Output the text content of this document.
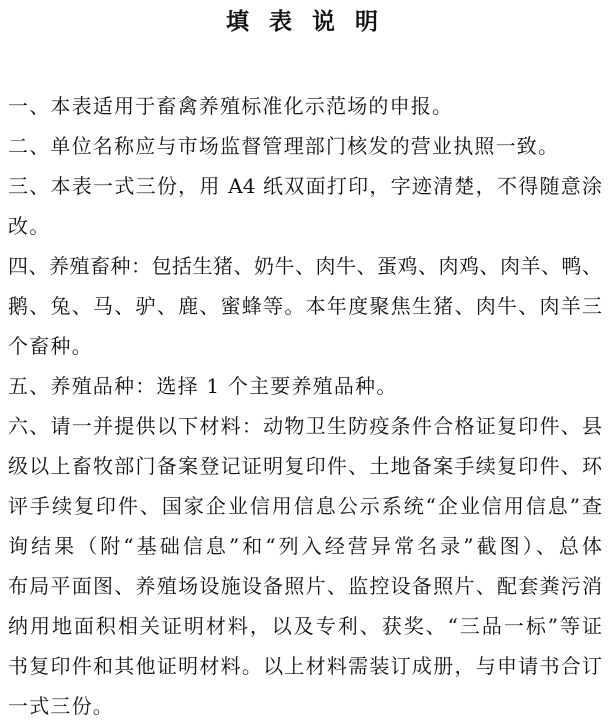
填 表 说 明
一、本表适用于畜禽养殖标准化示范场的申报。
二、单位名称应与市场监督管理部门核发的营业执照一致。
三、本表一式三份，用 A4 纸双面打印，字迹清楚，不得随意涂
改。
四、养殖畜种：包括生猪、奶牛、肉牛、蛋鸡、肉鸡、肉羊、鸭、
鹅、兔、马、驴、鹿、蜜蜂等。本年度聚焦生猪、肉牛、肉羊三
个畜种。
五、养殖品种：选择 1 个主要养殖品种。
六、请一并提供以下材料：动物卫生防疫条件合格证复印件、县
级以上畜牧部门备案登记证明复印件、土地备案手续复印件、环
评手续复印件、国家企业信用信息公示系统“企业信用信息”查
询结果（附“基础信息”和“列入经营异常名录”截图）、总体
布局平面图、养殖场设施设备照片、监控设备照片、配套粪污消
纳用地面积相关证明材料，以及专利、获奖、“三品一标”等证
书复印件和其他证明材料。以上材料需装订成册，与申请书合订
一式三份。
